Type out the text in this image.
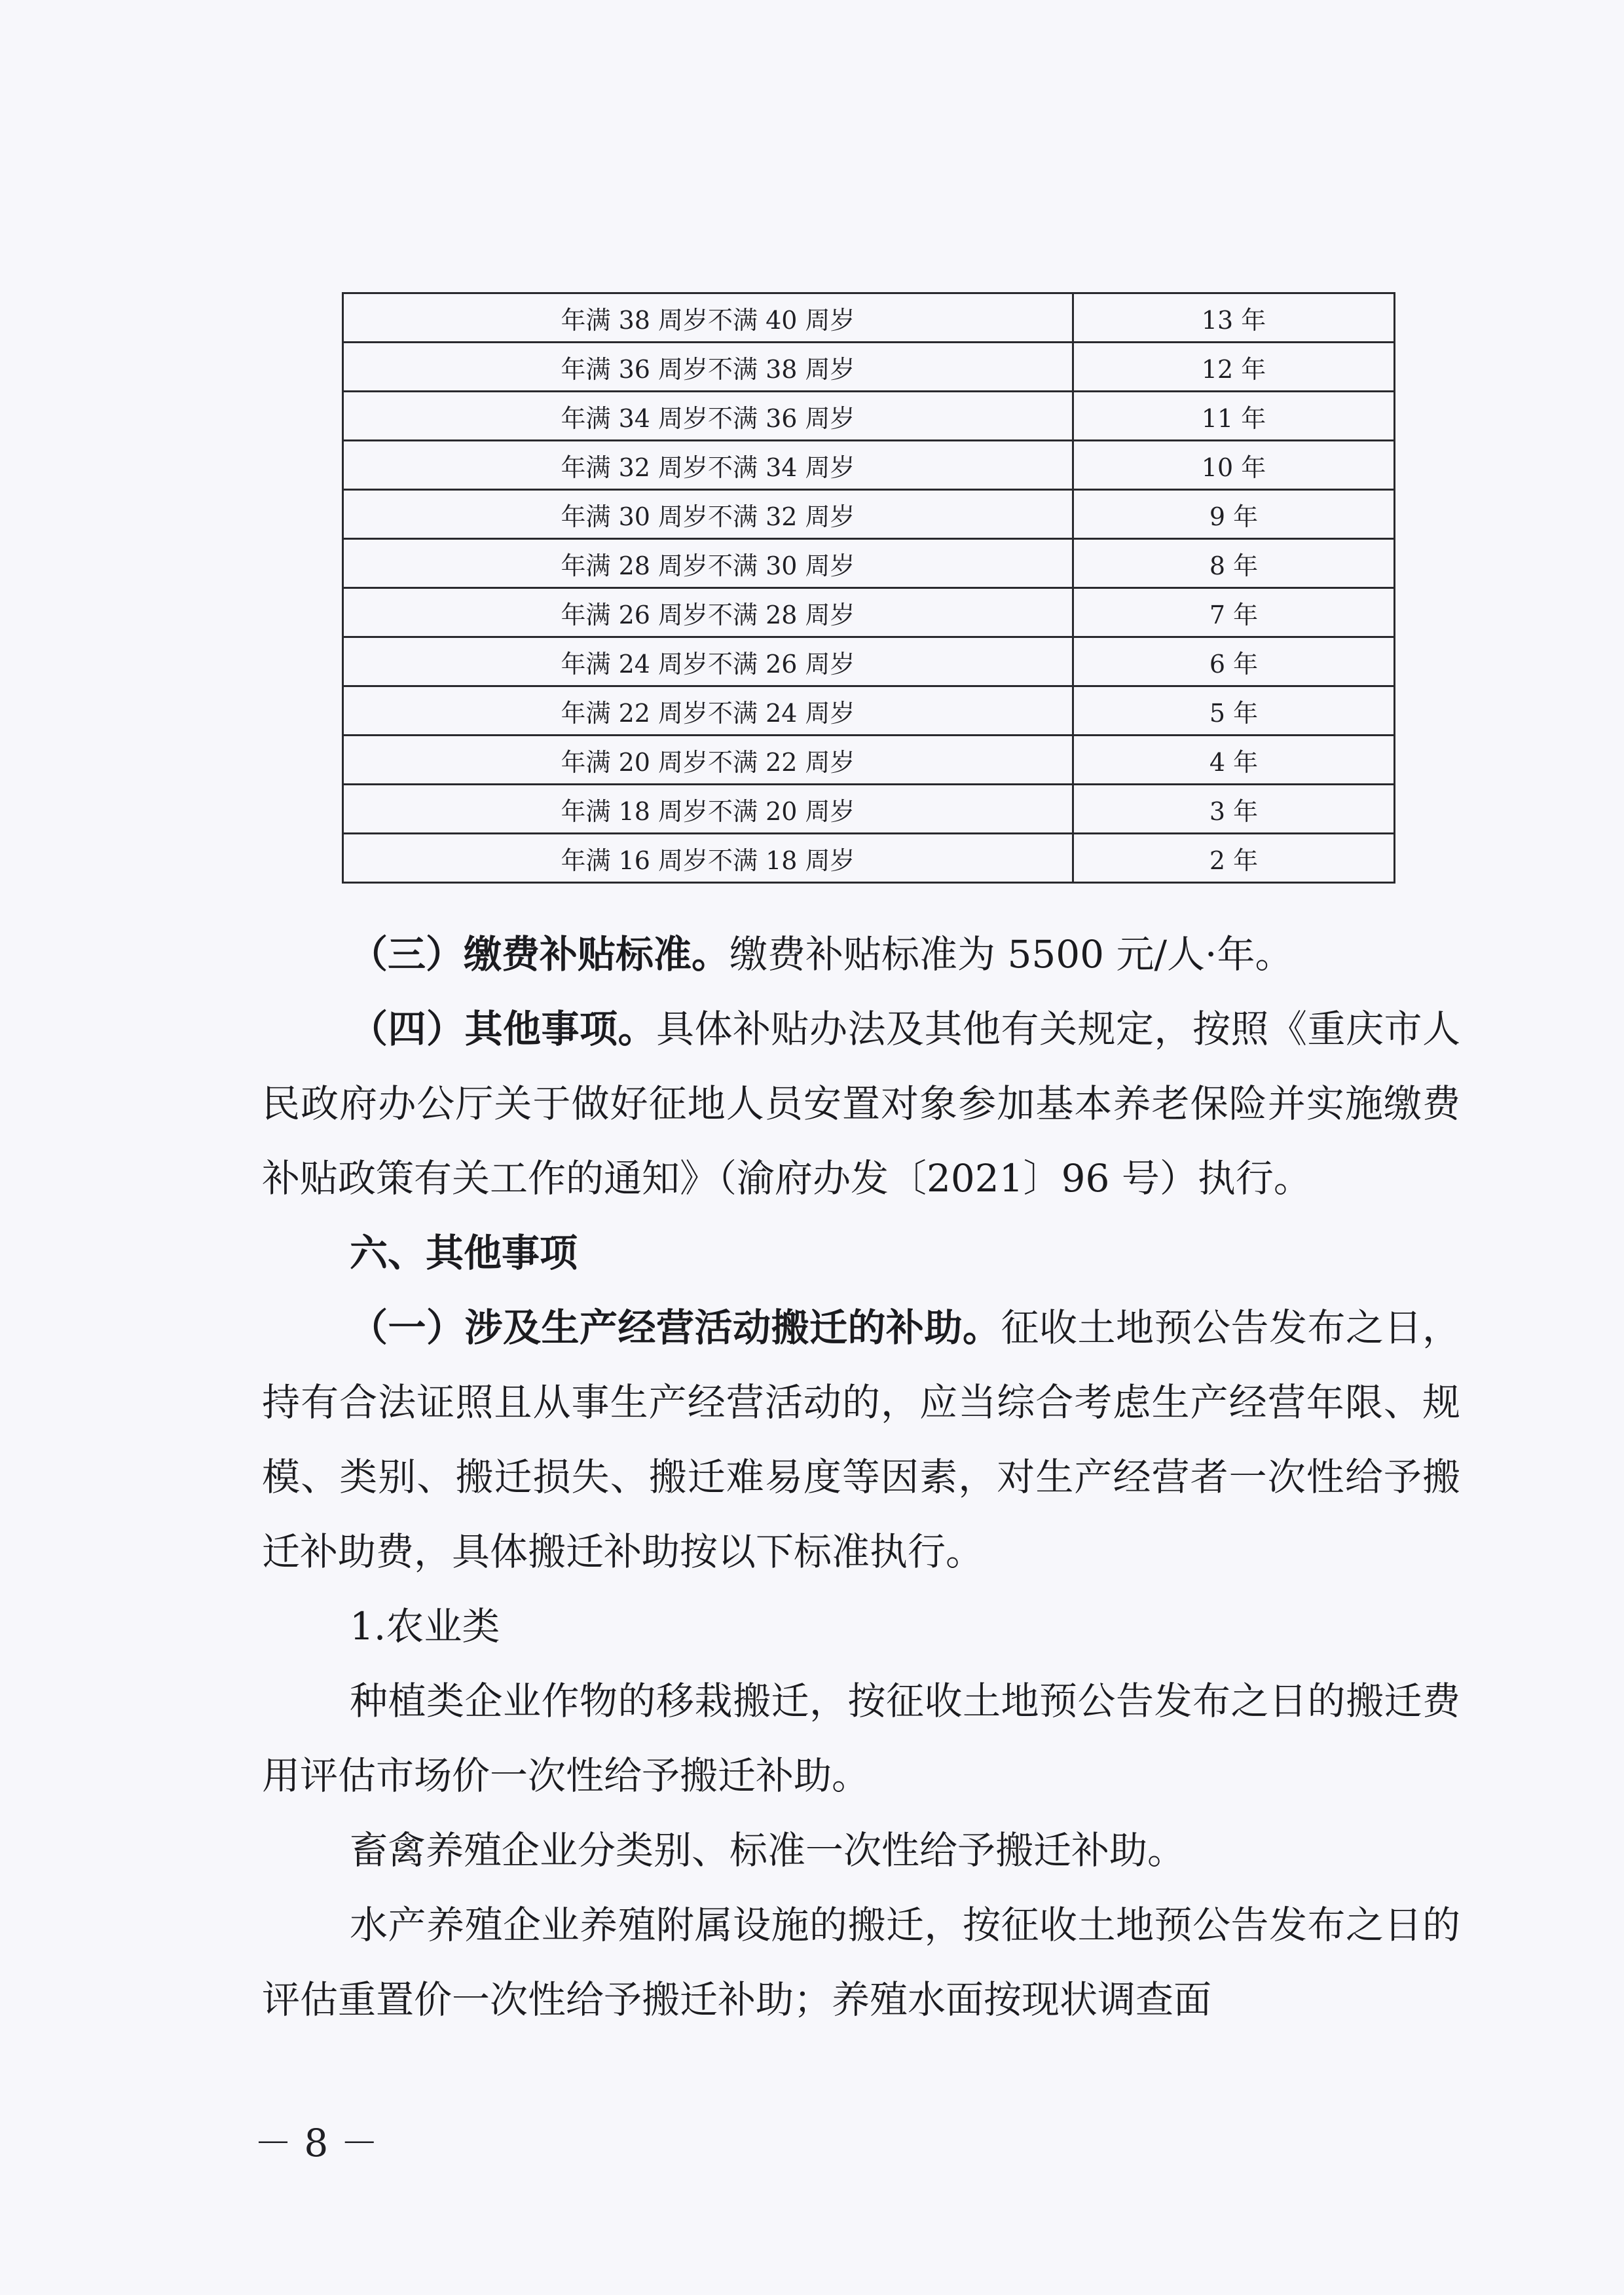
年满 38 周岁不满 40 周岁	13 年
年满 36 周岁不满 38 周岁	12 年
年满 34 周岁不满 36 周岁	11 年
年满 32 周岁不满 34 周岁	10 年
年满 30 周岁不满 32 周岁	9 年
年满 28 周岁不满 30 周岁	8 年
年满 26 周岁不满 28 周岁	7 年
年满 24 周岁不满 26 周岁	6 年
年满 22 周岁不满 24 周岁	5 年
年满 20 周岁不满 22 周岁	4 年
年满 18 周岁不满 20 周岁	3 年
年满 16 周岁不满 18 周岁	2 年

（三）缴费补贴标准。缴费补贴标准为 5500 元/人·年。

（四）其他事项。具体补贴办法及其他有关规定，按照《重庆市人民政府办公厅关于做好征地人员安置对象参加基本养老保险并实施缴费补贴政策有关工作的通知》（渝府办发〔2021〕96 号）执行。

六、其他事项

（一）涉及生产经营活动搬迁的补助。征收土地预公告发布之日，持有合法证照且从事生产经营活动的，应当综合考虑生产经营年限、规模、类别、搬迁损失、搬迁难易度等因素，对生产经营者一次性给予搬迁补助费，具体搬迁补助按以下标准执行。

1.农业类

种植类企业作物的移栽搬迁，按征收土地预公告发布之日的搬迁费用评估市场价一次性给予搬迁补助。

畜禽养殖企业分类别、标准一次性给予搬迁补助。

水产养殖企业养殖附属设施的搬迁，按征收土地预公告发布之日的评估重置价一次性给予搬迁补助；养殖水面按现状调查面

－ 8 －
